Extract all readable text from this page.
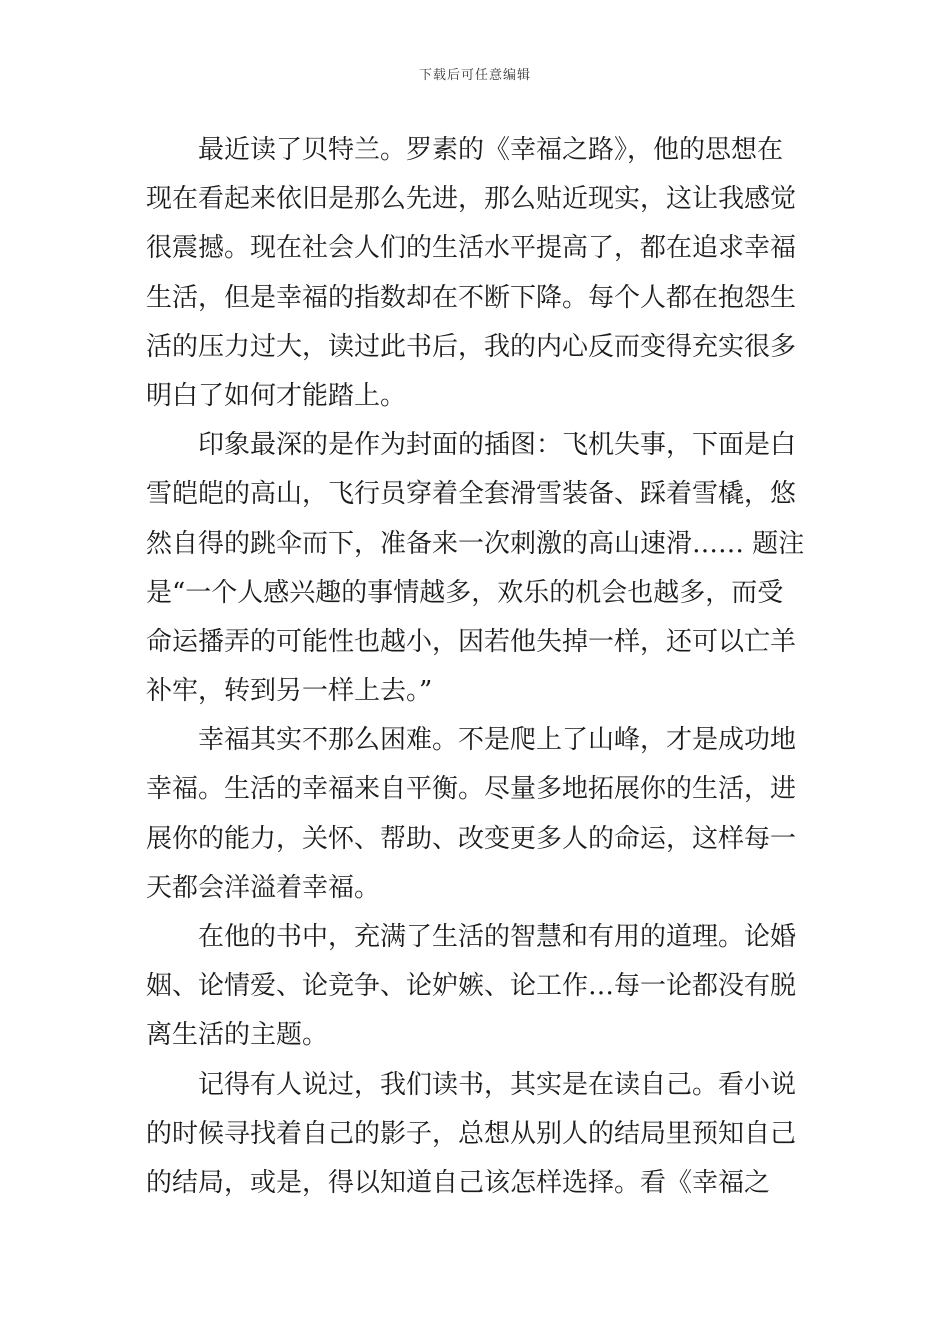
下载后可任意编辑
最近读了贝特兰。罗素的《幸福之路》，他的思想在
现在看起来依旧是那么先进，那么贴近现实，这让我感觉
很震撼。现在社会人们的生活水平提高了，都在追求幸福
生活，但是幸福的指数却在不断下降。每个人都在抱怨生
活的压力过大，读过此书后，我的内心反而变得充实很多
明白了如何才能踏上。
印象最深的是作为封面的插图：飞机失事，下面是白
雪皑皑的高山，飞行员穿着全套滑雪装备、踩着雪橇，悠
然自得的跳伞而下，准备来一次刺激的高山速滑…… 题注
是“一个人感兴趣的事情越多，欢乐的机会也越多，而受
命运播弄的可能性也越小，因若他失掉一样，还可以亡羊
补牢，转到另一样上去。”
幸福其实不那么困难。不是爬上了山峰，才是成功地
幸福。生活的幸福来自平衡。尽量多地拓展你的生活，进
展你的能力，关怀、帮助、改变更多人的命运，这样每一
天都会洋溢着幸福。
在他的书中，充满了生活的智慧和有用的道理。论婚
姻、论情爱、论竞争、论妒嫉、论工作…每一论都没有脱
离生活的主题。
记得有人说过，我们读书，其实是在读自己。看小说
的时候寻找着自己的影子，总想从别人的结局里预知自己
的结局，或是，得以知道自己该怎样选择。看《幸福之
